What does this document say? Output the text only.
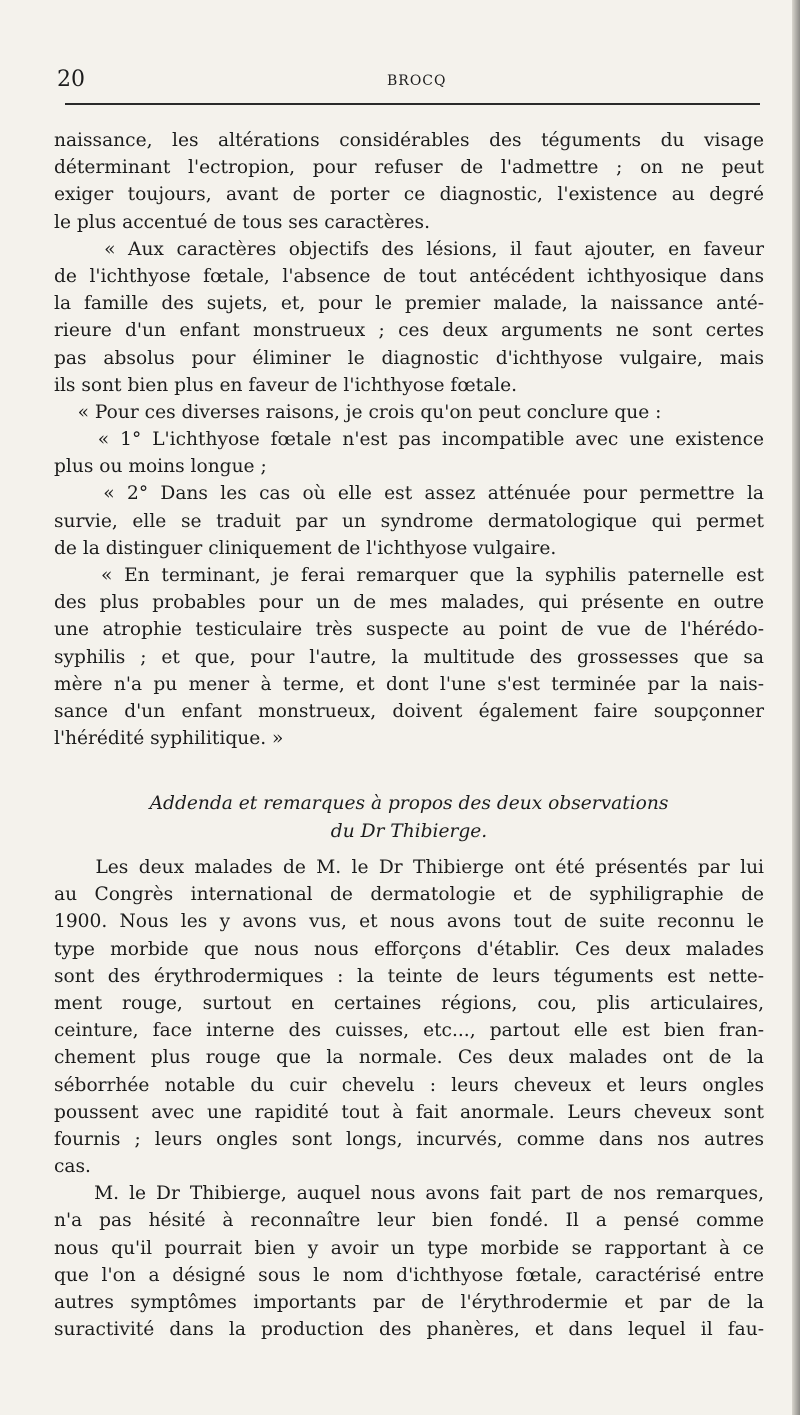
20	BROCQ
naissance, les altérations considérables des téguments du visage
déterminant l'ectropion, pour refuser de l'admettre ; on ne peut
exiger toujours, avant de porter ce diagnostic, l'existence au degré
le plus accentué de tous ses caractères.
« Aux caractères objectifs des lésions, il faut ajouter, en faveur
de l'ichthyose fœtale, l'absence de tout antécédent ichthyosique dans
la famille des sujets, et, pour le premier malade, la naissance anté-
rieure d'un enfant monstrueux ; ces deux arguments ne sont certes
pas absolus pour éliminer le diagnostic d'ichthyose vulgaire, mais
ils sont bien plus en faveur de l'ichthyose fœtale.
« Pour ces diverses raisons, je crois qu'on peut conclure que :
« 1° L'ichthyose fœtale n'est pas incompatible avec une existence
plus ou moins longue ;
« 2° Dans les cas où elle est assez atténuée pour permettre la
survie, elle se traduit par un syndrome dermatologique qui permet
de la distinguer cliniquement de l'ichthyose vulgaire.
« En terminant, je ferai remarquer que la syphilis paternelle est
des plus probables pour un de mes malades, qui présente en outre
une atrophie testiculaire très suspecte au point de vue de l'hérédo-
syphilis ; et que, pour l'autre, la multitude des grossesses que sa
mère n'a pu mener à terme, et dont l'une s'est terminée par la nais-
sance d'un enfant monstrueux, doivent également faire soupçonner
l'hérédité syphilitique. »
Addenda et remarques à propos des deux observations
du Dr Thibierge.
Les deux malades de M. le Dr Thibierge ont été présentés par lui
au Congrès international de dermatologie et de syphiligraphie de
1900. Nous les y avons vus, et nous avons tout de suite reconnu le
type morbide que nous nous efforçons d'établir. Ces deux malades
sont des érythrodermiques : la teinte de leurs téguments est nette-
ment rouge, surtout en certaines régions, cou, plis articulaires,
ceinture, face interne des cuisses, etc..., partout elle est bien fran-
chement plus rouge que la normale. Ces deux malades ont de la
séborrhée notable du cuir chevelu : leurs cheveux et leurs ongles
poussent avec une rapidité tout à fait anormale. Leurs cheveux sont
fournis ; leurs ongles sont longs, incurvés, comme dans nos autres
cas.
M. le Dr Thibierge, auquel nous avons fait part de nos remarques,
n'a pas hésité à reconnaître leur bien fondé. Il a pensé comme
nous qu'il pourrait bien y avoir un type morbide se rapportant à ce
que l'on a désigné sous le nom d'ichthyose fœtale, caractérisé entre
autres symptômes importants par de l'érythrodermie et par de la
suractivité dans la production des phanères, et dans lequel il fau-
